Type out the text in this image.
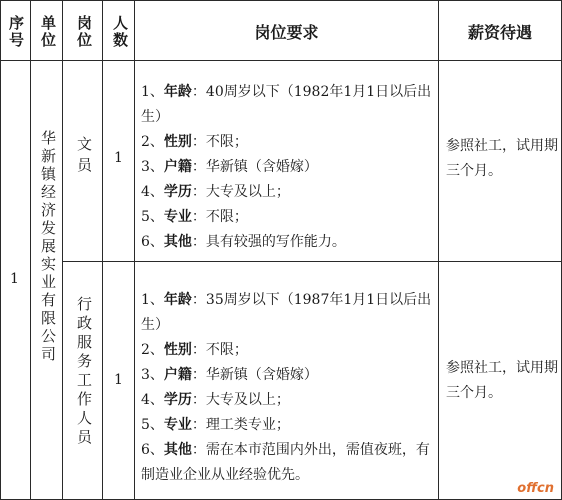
序号 单位 岗位 人数	岗位要求	薪资待遇
1 华新镇经济发展实业有限公司 文员 1
1、年龄：40周岁以下（1982年1月1日以后出生）
2、性别：不限；
3、户籍：华新镇（含婚嫁）
4、学历：大专及以上；
5、专业：不限；
6、其他：具有较强的写作能力。
参照社工，试用期三个月。
行政服务工作人员 1
1、年龄：35周岁以下（1987年1月1日以后出生）
2、性别：不限；
3、户籍：华新镇（含婚嫁）
4、学历：大专及以上；
5、专业：理工类专业；
6、其他：需在本市范围内外出，需值夜班，有制造业企业从业经验优先。
参照社工，试用期三个月。
offcn
